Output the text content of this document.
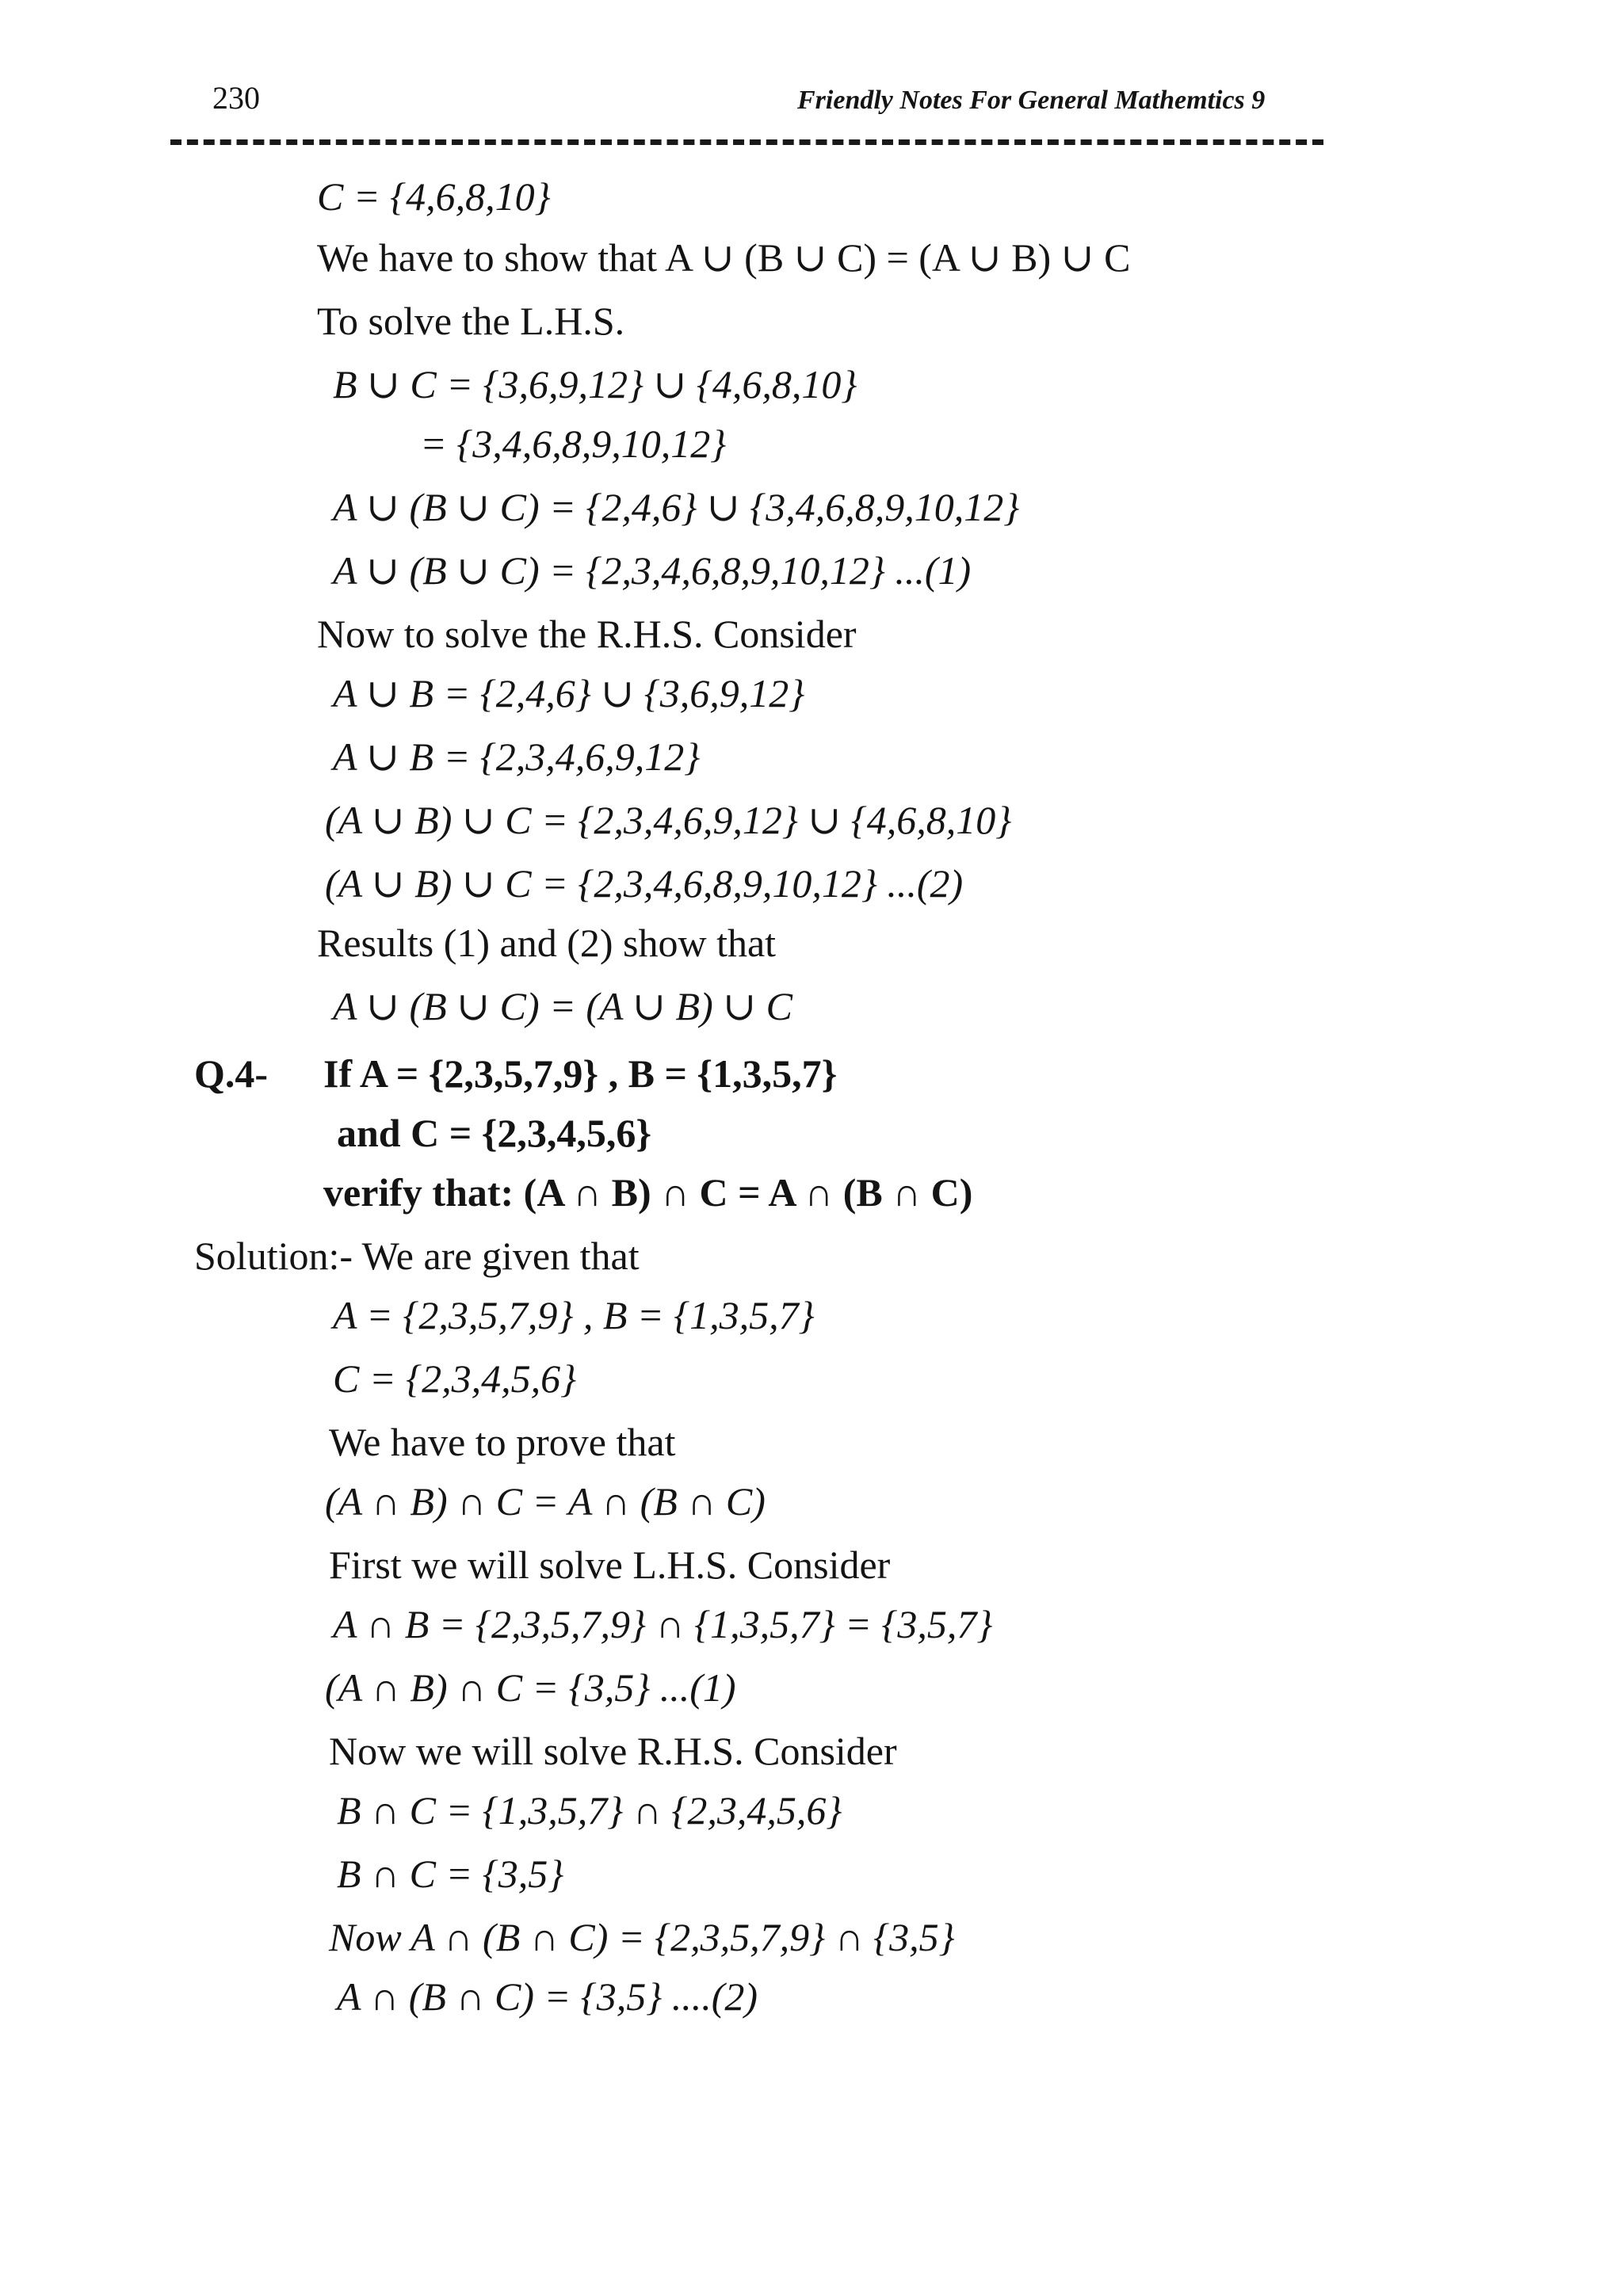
230	Friendly Notes For General Mathemtics 9
C = {4,6,8,10}
We have to show that A ∪ (B ∪ C) = (A ∪ B) ∪ C
To solve the L.H.S.
B ∪ C = {3,6,9,12} ∪ {4,6,8,10}
= {3,4,6,8,9,10,12}
A ∪ (B ∪ C) = {2,4,6} ∪ {3,4,6,8,9,10,12}
A ∪ (B ∪ C) = {2,3,4,6,8,9,10,12} ...(1)
Now to solve the R.H.S. Consider
A ∪ B = {2,4,6} ∪ {3,6,9,12}
A ∪ B = {2,3,4,6,9,12}
(A ∪ B) ∪ C = {2,3,4,6,9,12} ∪ {4,6,8,10}
(A ∪ B) ∪ C = {2,3,4,6,8,9,10,12} ...(2)
Results (1) and (2) show that
A ∪ (B ∪ C) = (A ∪ B) ∪ C
Q.4- If A = {2,3,5,7,9} , B = {1,3,5,7}
and C = {2,3,4,5,6}
verify that: (A ∩ B) ∩ C = A ∩ (B ∩ C)
Solution:- We are given that
A = {2,3,5,7,9} , B = {1,3,5,7}
C = {2,3,4,5,6}
We have to prove that
(A ∩ B) ∩ C = A ∩ (B ∩ C)
First we will solve L.H.S. Consider
A ∩ B = {2,3,5,7,9} ∩ {1,3,5,7} = {3,5,7}
(A ∩ B) ∩ C = {3,5} ...(1)
Now we will solve R.H.S. Consider
B ∩ C = {1,3,5,7} ∩ {2,3,4,5,6}
B ∩ C = {3,5}
Now A ∩ (B ∩ C) = {2,3,5,7,9} ∩ {3,5}
A ∩ (B ∩ C) = {3,5} ....(2)
